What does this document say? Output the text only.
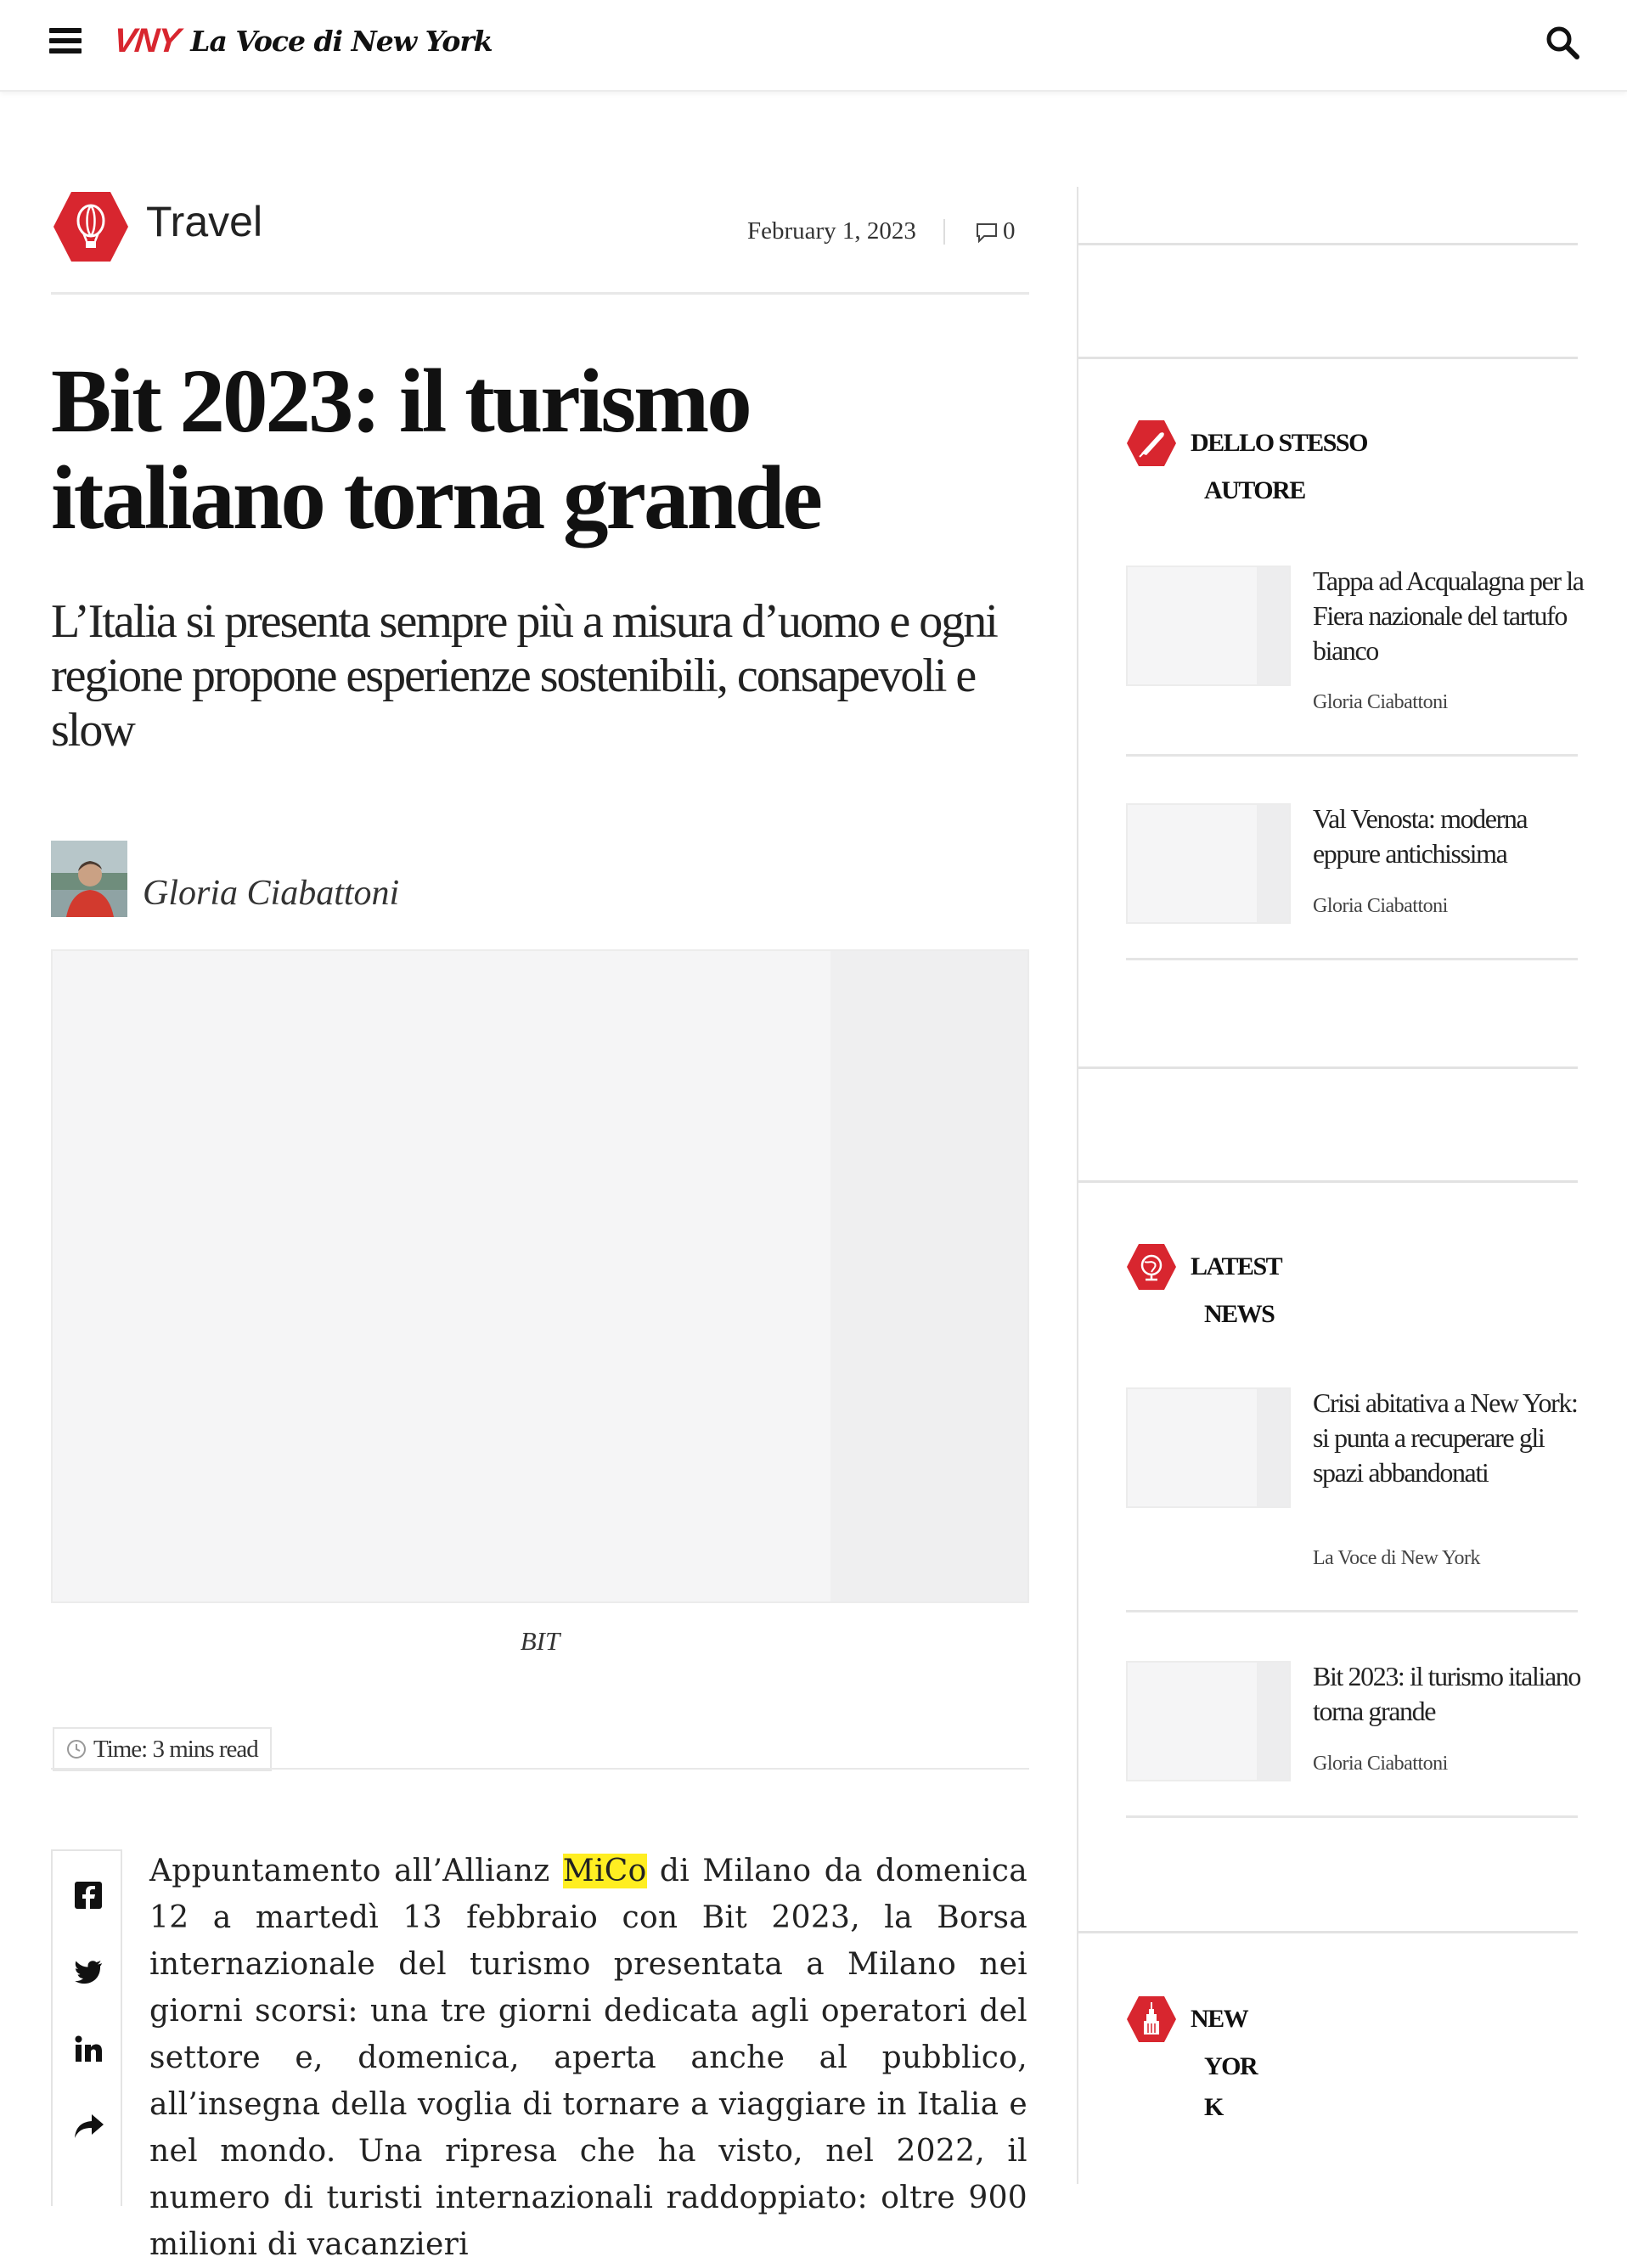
VNY La Voce di New York
Travel	February 1, 2023	0
Bit 2023: il turismo italiano torna grande
L’Italia si presenta sempre più a misura d’uomo e ogni regione propone esperienze sostenibili, consapevoli e slow
Gloria Ciabattoni
BIT
Time: 3 mins read

Appuntamento all’Allianz MiCo di Milano da domenica 12 a martedì 13 febbraio con Bit 2023, la Borsa internazionale del turismo presentata a Milano nei giorni scorsi: una tre giorni dedicata agli operatori del settore e, domenica, aperta anche al pubblico, all’insegna della voglia di tornare a viaggiare in Italia e nel mondo. Una ripresa che ha visto, nel 2022, il numero di turisti internazionali raddoppiato: oltre 900 milioni di vacanzieri

DELLO STESSO
AUTORE
Tappa ad Acqualagna per la Fiera nazionale del tartufo bianco
Gloria Ciabattoni
Val Venosta: moderna eppure antichissima
Gloria Ciabattoni
LATEST
NEWS
Crisi abitativa a New York: si punta a recuperare gli spazi abbandonati
La Voce di New York
Bit 2023: il turismo italiano torna grande
Gloria Ciabattoni
NEW
YOR
K
